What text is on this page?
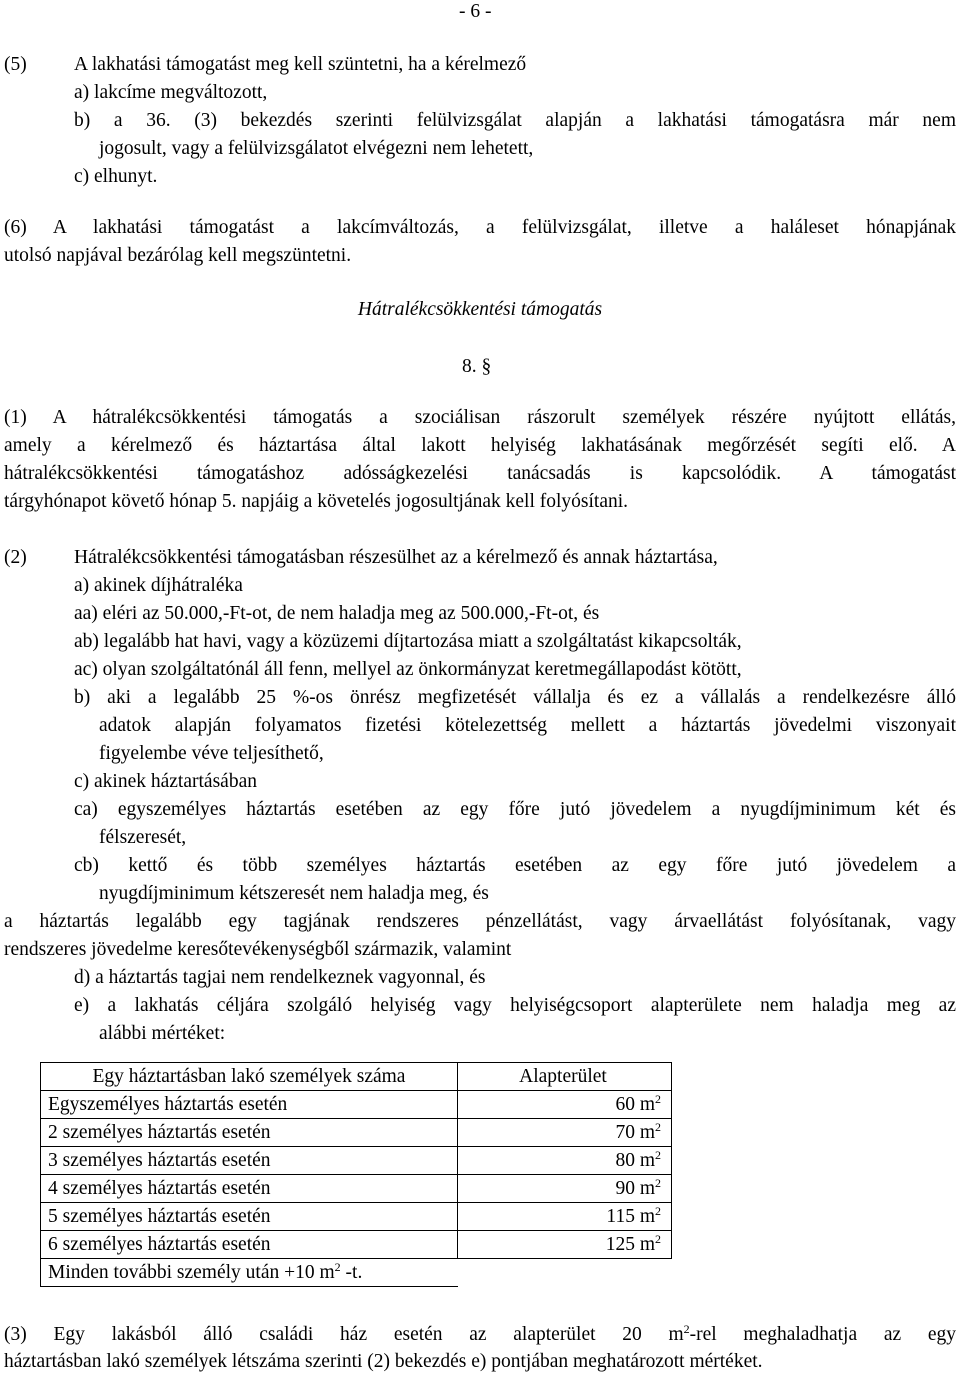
- 6 -
(5) A lakhatási támogatást meg kell szüntetni, ha a kérelmező
a) lakcíme megváltozott,
b) a 36. (3) bekezdés szerinti felülvizsgálat alapján a lakhatási támogatásra már nem
jogosult, vagy a felülvizsgálatot elvégezni nem lehetett,
c) elhunyt.
(6) A lakhatási támogatást a lakcímváltozás, a felülvizsgálat, illetve a haláleset hónapjának
utolsó napjával bezárólag kell megszüntetni.
Hátralékcsökkentési támogatás
8. §
(1) A hátralékcsökkentési támogatás a szociálisan rászorult személyek részére nyújtott ellátás,
amely a kérelmező és háztartása által lakott helyiség lakhatásának megőrzését segíti elő. A
hátralékcsökkentési támogatáshoz adósságkezelési tanácsadás is kapcsolódik. A támogatást
tárgyhónapot követő hónap 5. napjáig a követelés jogosultjának kell folyósítani.
(2) Hátralékcsökkentési támogatásban részesülhet az a kérelmező és annak háztartása,
a) akinek díjhátraléka
aa) eléri az 50.000,-Ft-ot, de nem haladja meg az 500.000,-Ft-ot, és
ab) legalább hat havi, vagy a közüzemi díjtartozása miatt a szolgáltatást kikapcsolták,
ac) olyan szolgáltatónál áll fenn, mellyel az önkormányzat keretmegállapodást kötött,
b) aki a legalább 25 %-os önrész megfizetését vállalja és ez a vállalás a rendelkezésre álló
adatok alapján folyamatos fizetési kötelezettség mellett a háztartás jövedelmi viszonyait
figyelembe véve teljesíthető,
c) akinek háztartásában
ca) egyszemélyes háztartás esetében az egy főre jutó jövedelem a nyugdíjminimum két és
félszeresét,
cb) kettő és több személyes háztartás esetében az egy főre jutó jövedelem a
nyugdíjminimum kétszeresét nem haladja meg, és
a háztartás legalább egy tagjának rendszeres pénzellátást, vagy árvaellátást folyósítanak, vagy
rendszeres jövedelme keresőtevékenységből származik, valamint
d) a háztartás tagjai nem rendelkeznek vagyonnal, és
e) a lakhatás céljára szolgáló helyiség vagy helyiségcsoport alapterülete nem haladja meg az
alábbi mértéket:
Egy háztartásban lakó személyek száma	Alapterület
Egyszemélyes háztartás esetén	60 $m^2$
2 személyes háztartás esetén	70 $m^2$
3 személyes háztartás esetén	80 $m^2$
4 személyes háztartás esetén	90 $m^2$
5 személyes háztartás esetén	115 $m^2$
6 személyes háztartás esetén	125 $m^2$
Minden további személy után +10 $m^2$ -t.	
(3) Egy lakásból álló családi ház esetén az alapterület 20 $m^2$-rel meghaladhatja az egy
háztartásban lakó személyek létszáma szerinti (2) bekezdés e) pontjában meghatározott mértéket.
